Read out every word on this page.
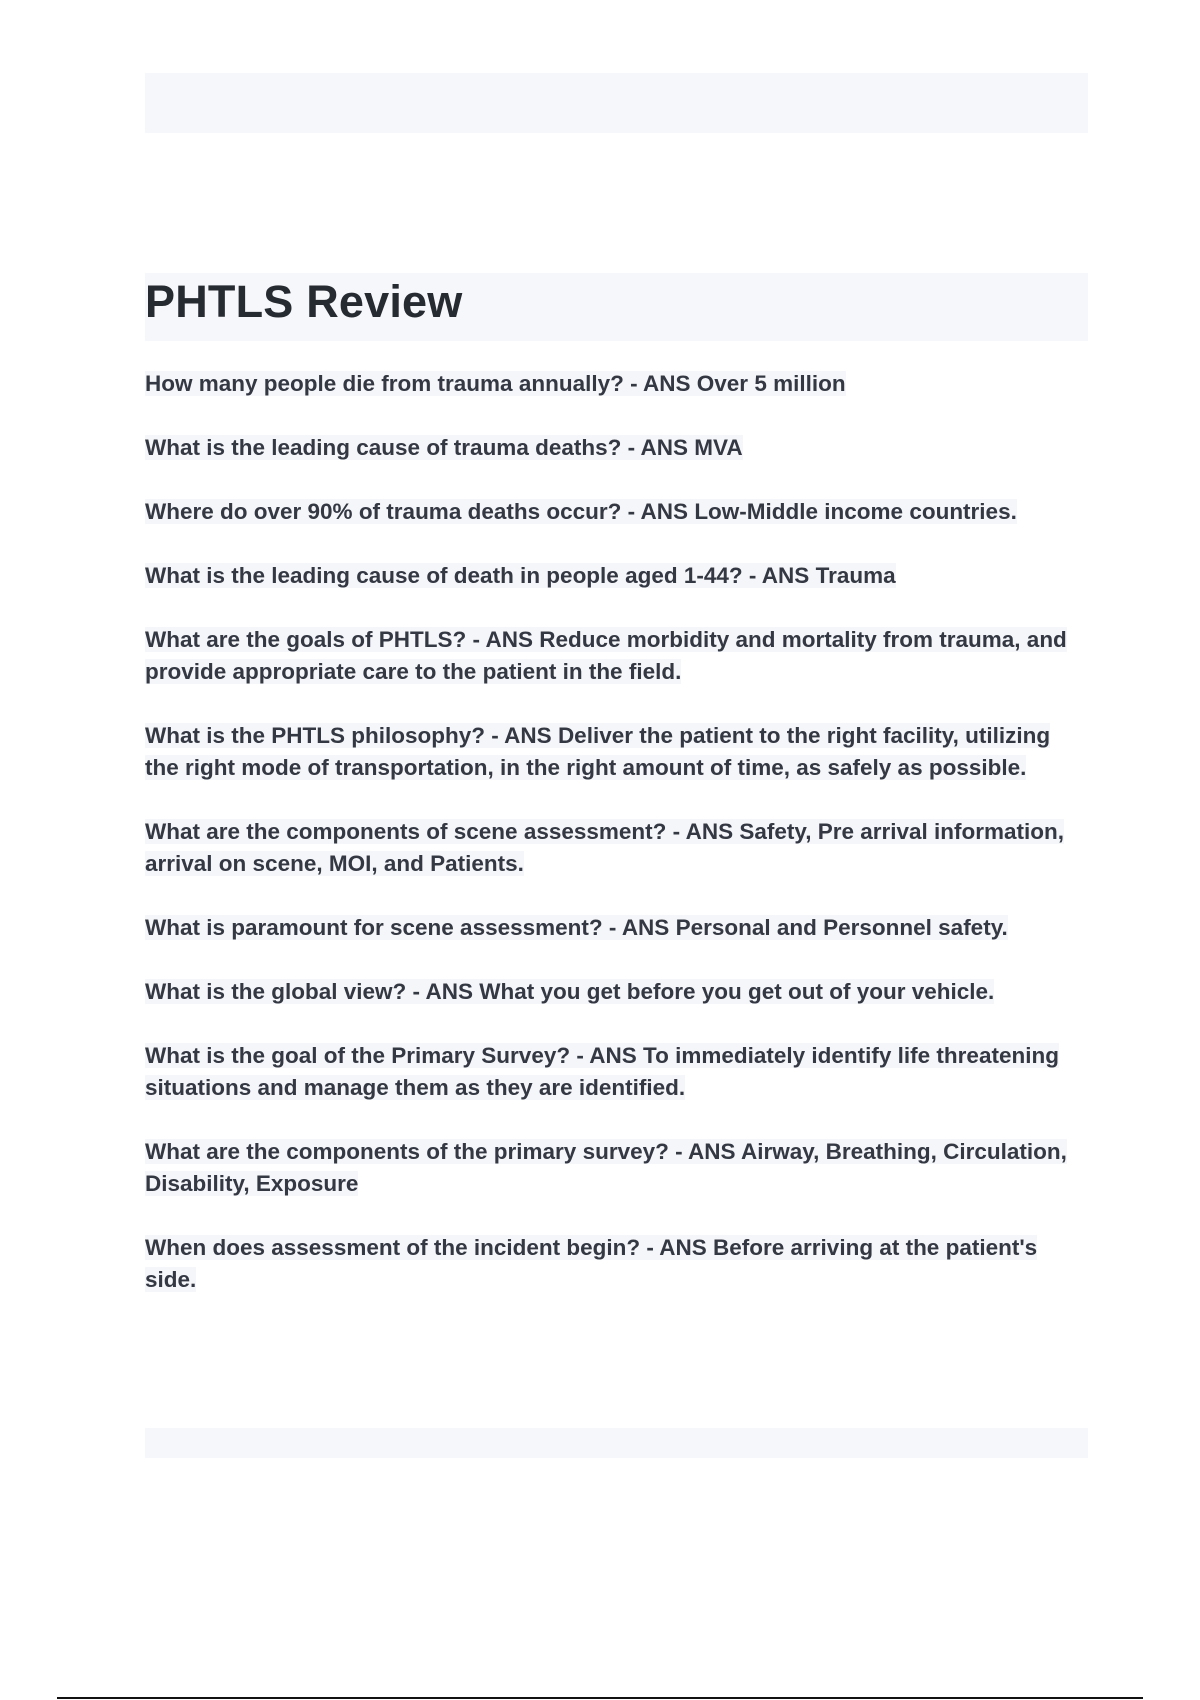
PHTLS Review
How many people die from trauma annually? - ANS Over 5 million
What is the leading cause of trauma deaths? - ANS MVA
Where do over 90% of trauma deaths occur? - ANS Low-Middle income countries.
What is the leading cause of death in people aged 1-44? - ANS Trauma
What are the goals of PHTLS? - ANS Reduce morbidity and mortality from trauma, and provide appropriate care to the patient in the field.
What is the PHTLS philosophy? - ANS Deliver the patient to the right facility, utilizing the right mode of transportation, in the right amount of time, as safely as possible.
What are the components of scene assessment? - ANS Safety, Pre arrival information, arrival on scene, MOI, and Patients.
What is paramount for scene assessment? - ANS Personal and Personnel safety.
What is the global view? - ANS What you get before you get out of your vehicle.
What is the goal of the Primary Survey? - ANS To immediately identify life threatening situations and manage them as they are identified.
What are the components of the primary survey? - ANS Airway, Breathing, Circulation, Disability, Exposure
When does assessment of the incident begin? - ANS Before arriving at the patient's side.
